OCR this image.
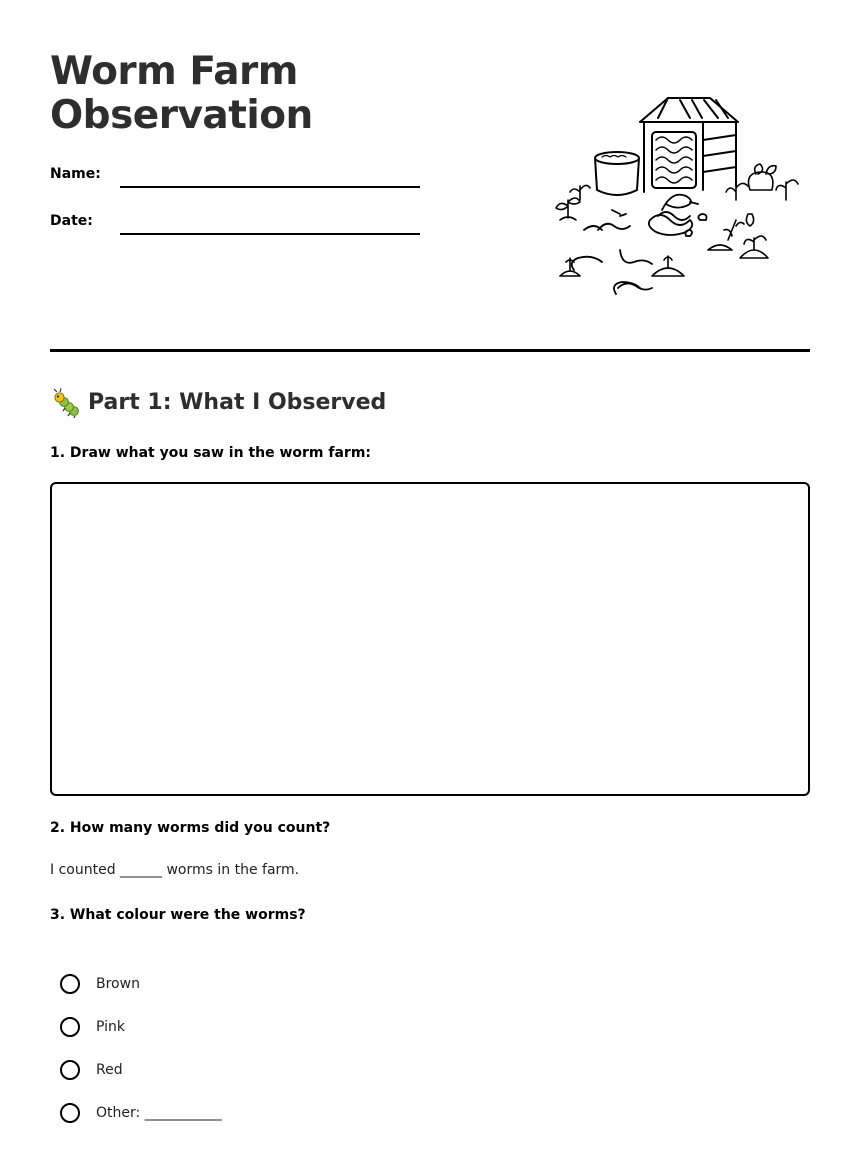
Worm Farm
Observation
Name:
Date:
Part 1: What I Observed

1. Draw what you saw in the worm farm:

2. How many worms did you count?

I counted ______ worms in the farm.

3. What colour were the worms?

Brown
Pink
Red
Other: ___________
